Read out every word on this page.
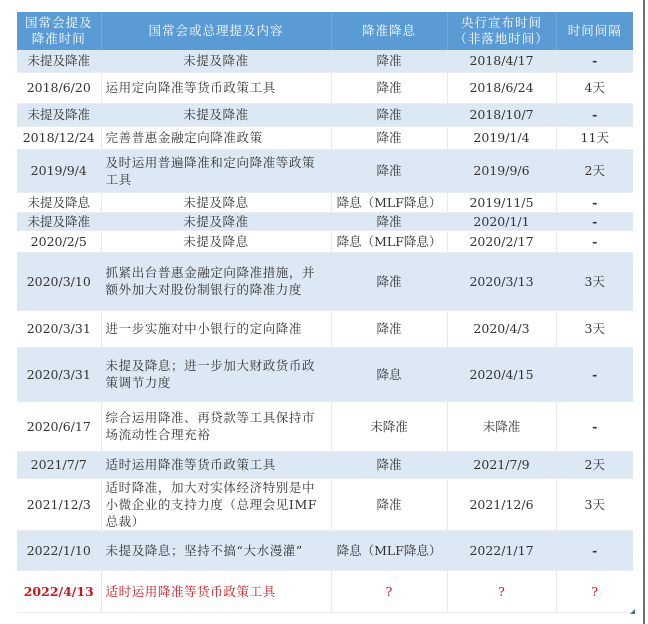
国常会提及降准时间	国常会或总理提及内容	降准降息	央行宣布时间（非落地时间）	时间间隔
未提及降准	未提及降准	降准	2018/4/17	-
2018/6/20	运用定向降准等货币政策工具	降准	2018/6/24	4天
未提及降准	未提及降准	降准	2018/10/7	-
2018/12/24	完善普惠金融定向降准政策	降准	2019/1/4	11天
2019/9/4	及时运用普遍降准和定向降准等政策工具	降准	2019/9/6	2天
未提及降息	未提及降息	降息（MLF降息）	2019/11/5	-
未提及降准	未提及降准	降准	2020/1/1	-
2020/2/5	未提及降息	降息（MLF降息）	2020/2/17	-
2020/3/10	抓紧出台普惠金融定向降准措施，并额外加大对股份制银行的降准力度	降准	2020/3/13	3天
2020/3/31	进一步实施对中小银行的定向降准	降准	2020/4/3	3天
2020/3/31	未提及降息；进一步加大财政货币政策调节力度	降息	2020/4/15	-
2020/6/17	综合运用降准、再贷款等工具保持市场流动性合理充裕	未降准	未降准	-
2021/7/7	适时运用降准等货币政策工具	降准	2021/7/9	2天
2021/12/3	适时降准，加大对实体经济特别是中小微企业的支持力度（总理会见IMF总裁）	降准	2021/12/6	3天
2022/1/10	未提及降息；坚持不搞“大水漫灌”	降息（MLF降息）	2022/1/17	-
2022/4/13	适时运用降准等货币政策工具	?	?	?
